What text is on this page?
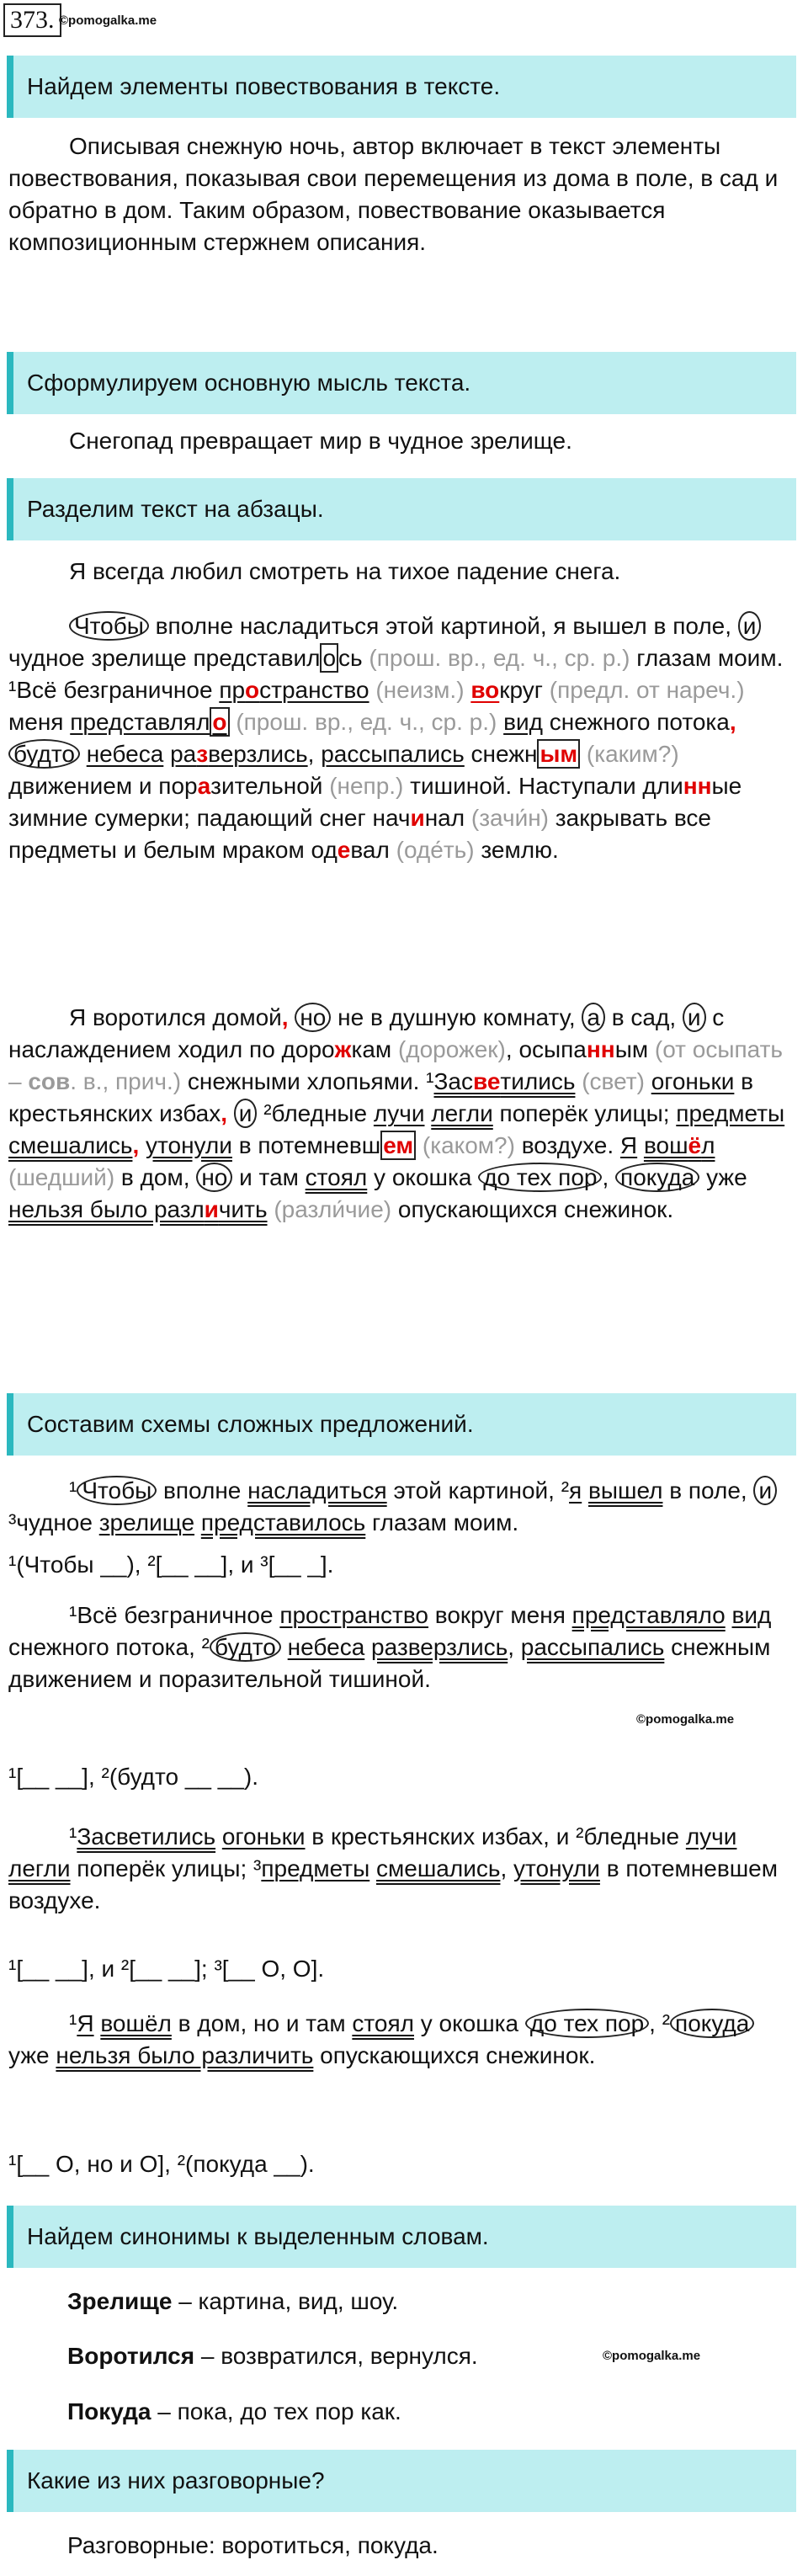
373. ©pomogalka.me
Найдем элементы повествования в тексте.
Описывая снежную ночь, автор включает в текст элементы повествования, показывая свои перемещения из дома в поле, в сад и обратно в дом. Таким образом, повествование оказывается композиционным стержнем описания.
Сформулируем основную мысль текста.
Снегопад превращает мир в чудное зрелище.
Разделим текст на абзацы.
Я всегда любил смотреть на тихое падение снега.
Чтобы вполне насладиться этой картиной, я вышел в поле, и чудное зрелище представил о сь (прош. вр., ед. ч., ср. р.) глазам моим. ¹Всё безграничное пространство (неизм.) вокруг (предл. от нареч.) меня представлял о (прош. вр., ед. ч., ср. р.) вид снежного потока, будто небеса разверзлись, рассыпались снежн ым (каким?) движением и поразительной (непр.) тишиной. Наступали длинные зимние сумерки; падающий снег начинал (зачи́н) закрывать все предметы и белым мраком одевал (оде́ть) землю.
Я воротился домой, но не в душную комнату, а в сад, и с наслаждением ходил по дорожкам (дорожек), осыпанным (от осыпать – сов. в., прич.) снежными хлопьями. ¹Засветились (свет) огоньки в крестьянских избах, и ²бледные лучи легли поперёк улицы; предметы смешались, утонули в потемневш ем (каком?) воздухе. Я вошёл (шедший) в дом, но и там стоял у окошка до тех пор , покуда уже нельзя было различить (разли́чие) опускающихся снежинок.
Составим схемы сложных предложений.
¹ Чтобы вполне насладиться этой картиной, ²я вышел в поле, и ³чудное зрелище представилось глазам моим.
¹(Чтобы __), ²[__ __], и ³[__ _].
¹Всё безграничное пространство вокруг меня представляло вид снежного потока, ² будто небеса разверзлись, рассыпались снежным движением и поразительной тишиной.
©pomogalka.me
¹[__ __], ²(будто __ __).
¹Засветились огоньки в крестьянских избах, и ²бледные лучи легли поперёк улицы; ³предметы смешались, утонули в потемневшем воздухе.
¹[__ __], и ²[__ __]; ³[__ O, O].
¹Я вошёл в дом, но и там стоял у окошка до тех пор , ² покуда уже нельзя было различить опускающихся снежинок.
¹[__ O, но и O], ²(покуда __).
Найдем синонимы к выделенным словам.
Зрелище – картина, вид, шоу.
Воротился – возвратился, вернулся.	©pomogalka.me
Покуда – пока, до тех пор как.
Какие из них разговорные?
Разговорные: воротиться, покуда.
